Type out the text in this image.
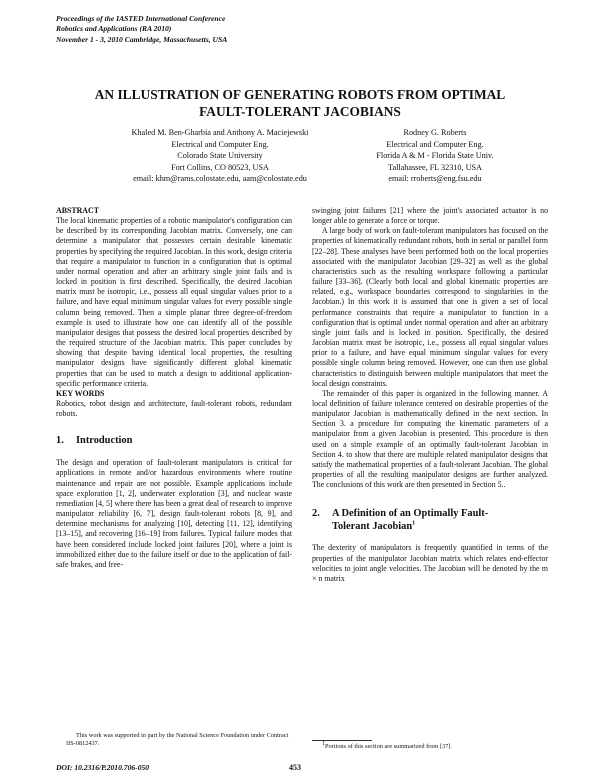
Proceedings of the IASTED International Conference
Robotics and Applications (RA 2010)
November 1 - 3, 2010 Cambridge, Massachusetts, USA
AN ILLUSTRATION OF GENERATING ROBOTS FROM OPTIMAL
FAULT-TOLERANT JACOBIANS
Khaled M. Ben-Gharbia and Anthony A. Maciejewski
Electrical and Computer Eng.
Colorado State University
Fort Collins, CO 80523, USA
email: khm@rams.colostate.edu, aam@colostate.edu
Rodney G. Roberts
Electrical and Computer Eng.
Florida A & M - Florida State Univ.
Tallahassee, FL 32310, USA
email: rroberts@eng.fsu.edu

ABSTRACT

The local kinematic properties of a robotic manipulator's configuration can be described by its corresponding Jacobian matrix. Conversely, one can determine a manipulator that possesses certain desirable kinematic properties by specifying the required Jacobian. In this work, design criteria that require a manipulator to function in a configuration that is optimal under normal operation and after an arbitrary single joint fails and is locked in position is first described. Specifically, the desired Jacobian matrix must be isotropic, i.e., possess all equal singular values prior to a failure, and have equal minimum singular values for every possible single column being removed. Then a simple planar three degree-of-freedom example is used to illustrate how one can identify all of the possible manipulator designs that possess the desired local properties described by the required structure of the Jacobian matrix. This paper concludes by showing that despite having identical local properties, the resulting manipulator designs have significantly different global kinematic properties that can be used to match a design to additional application-specific performance criteria.

KEY WORDS

Robotics, robot design and architecture, fault-tolerant robots, redundant robots.

1. Introduction

The design and operation of fault-tolerant manipulators is critical for applications in remote and/or hazardous environments where routine maintenance and repair are not possible. Example applications include space exploration [1, 2], underwater exploration [3], and nuclear waste remediation [4, 5] where there has been a great deal of research to improve manipulator reliability [6, 7], design fault-tolerant robots [8, 9], and determine mechanisms for analyzing [10], detecting [11, 12], identifying [13–15], and recovering [16–19] from failures. Typical failure modes that have been considered include locked joint failures [20], where a joint is immobilized either due to the failure itself or due to the application of fail-safe brakes, and free-

swinging joint failures [21] where the joint's associated actuator is no longer able to generate a force or torque.

A large body of work on fault-tolerant manipulators has focused on the properties of kinematically redundant robots, both in serial or parallel form [22–28]. These analyses have been performed both on the local properties associated with the manipulator Jacobian [29–32] as well as the global characteristics such as the resulting workspace following a particular failure [33–36]. (Clearly both local and global kinematic properties are related, e.g., workspace boundaries correspond to singularities in the Jacobian.) In this work it is assumed that one is given a set of local performance constraints that require a manipulator to function in a configuration that is optimal under normal operation and after an arbitrary single joint fails and is locked in position. Specifically, the desired Jacobian matrix must be isotropic, i.e., possess all equal singular values prior to a failure, and have equal minimum singular values for every possible single column being removed. However, one can then use global characteristics to distinguish between multiple manipulators that meet the local design constraints.

The remainder of this paper is organized in the following manner. A local definition of failure tolerance centered on desirable properties of the manipulator Jacobian is mathematically defined in the next section. In Section 3. a procedure for computing the kinematic parameters of a manipulator from a given Jacobian is presented. This procedure is then used on a simple example of an optimally fault-tolerant Jacobian in Section 4. to show that there are multiple related manipulator designs that satisfy the mathematical properties of a fault-tolerant Jacobian. The global properties of all the resulting manipulator designs are further analyzed. The conclusions of this work are then presented in Section 5..

2. A Definition of an Optimally Fault-
Tolerant Jacobian$^1$

The dexterity of manipulators is frequently quantified in terms of the properties of the manipulator Jacobian matrix which relates end-effector velocities to joint angle velocities. The Jacobian will be denoted by the m × n matrix

This work was supported in part by the National Science Foundation under Contract IIS-0812437.	$^1$Portions of this section are summarized from [37].
DOI: 10.2316/P.2010.706-050	453
